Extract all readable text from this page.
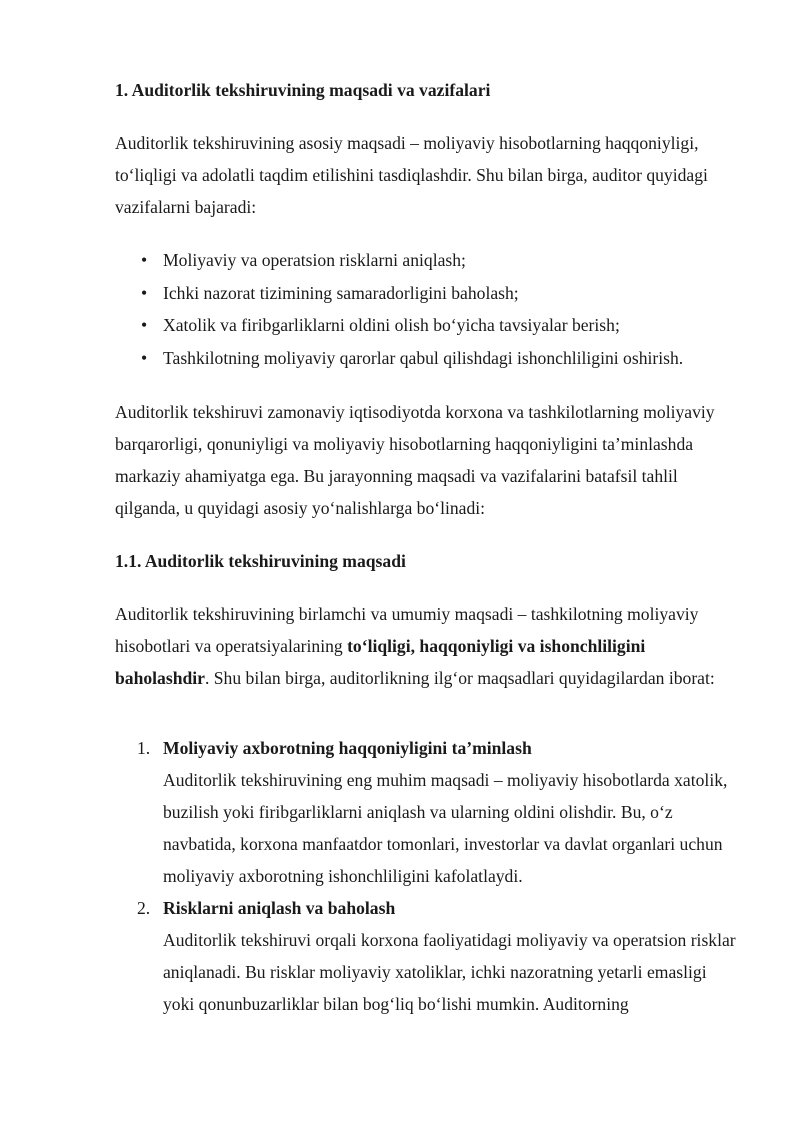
1. Auditorlik tekshiruvining maqsadi va vazifalari

Auditorlik tekshiruvining asosiy maqsadi – moliyaviy hisobotlarning haqqoniyligi, to‘liqligi va adolatli taqdim etilishini tasdiqlashdir. Shu bilan birga, auditor quyidagi vazifalarni bajaradi:

• Moliyaviy va operatsion risklarni aniqlash;
• Ichki nazorat tizimining samaradorligini baholash;
• Xatolik va firibgarliklarni oldini olish bo‘yicha tavsiyalar berish;
• Tashkilotning moliyaviy qarorlar qabul qilishdagi ishonchliligini oshirish.

Auditorlik tekshiruvi zamonaviy iqtisodiyotda korxona va tashkilotlarning moliyaviy barqarorligi, qonuniyligi va moliyaviy hisobotlarning haqqoniyligini ta’minlashda markaziy ahamiyatga ega. Bu jarayonning maqsadi va vazifalarini batafsil tahlil qilganda, u quyidagi asosiy yo‘nalishlarga bo‘linadi:

1.1. Auditorlik tekshiruvining maqsadi

Auditorlik tekshiruvining birlamchi va umumiy maqsadi – tashkilotning moliyaviy hisobotlari va operatsiyalarining to‘liqligi, haqqoniyligi va ishonchliligini baholashdir. Shu bilan birga, auditorlikning ilg‘or maqsadlari quyidagilardan iborat:

1. Moliyaviy axborotning haqqoniyligini ta’minlash
Auditorlik tekshiruvining eng muhim maqsadi – moliyaviy hisobotlarda xatolik, buzilish yoki firibgarliklarni aniqlash va ularning oldini olishdir. Bu, o‘z navbatida, korxona manfaatdor tomonlari, investorlar va davlat organlari uchun moliyaviy axborotning ishonchliligini kafolatlaydi.
2. Risklarni aniqlash va baholash
Auditorlik tekshiruvi orqali korxona faoliyatidagi moliyaviy va operatsion risklar aniqlanadi. Bu risklar moliyaviy xatoliklar, ichki nazoratning yetarli emasligi yoki qonunbuzarliklar bilan bog‘liq bo‘lishi mumkin. Auditorning
